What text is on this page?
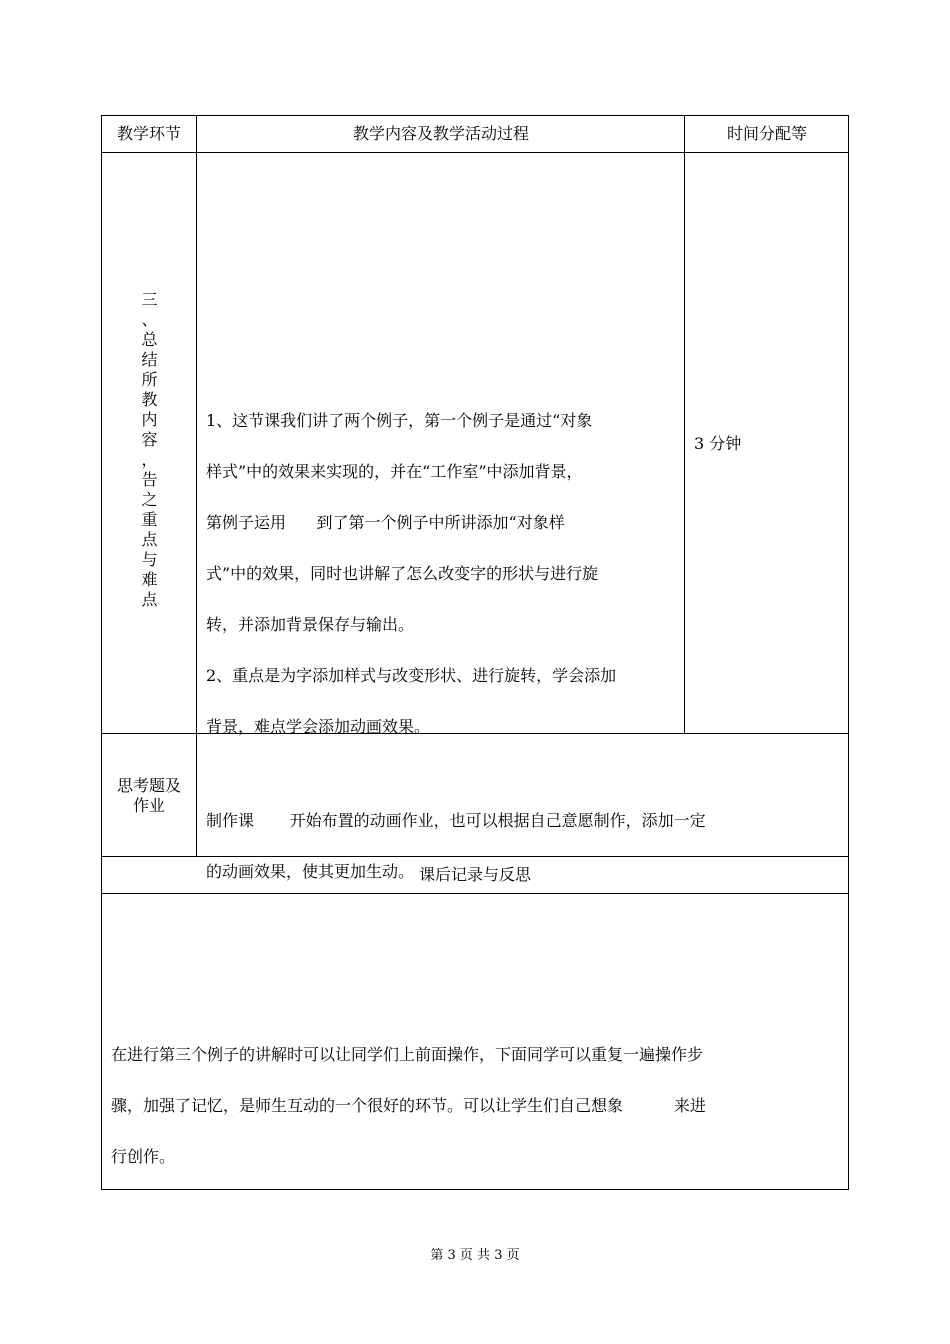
教学环节	教学内容及教学活动过程	时间分配等
三
、
总
结
所
教
内
容
，
告
之
重
点
与
难
点

1、这节课我们讲了两个例子，第一个例子是通过“对象

样式”中的效果来实现的，并在“工作室”中添加背景，

第例子运用      到了第一个例子中所讲添加“对象样

式”中的效果，同时也讲解了怎么改变字的形状与进行旋

转，并添加背景保存与输出。

2、重点是为字添加样式与改变形状、进行旋转，学会添加

背景，难点学会添加动画效果。

3 分钟
思考题及
作业

制作课       开始布置的动画作业，也可以根据自己意愿制作，添加一定

的动画效果，使其更加生动。

课后记录与反思

在进行第三个例子的讲解时可以让同学们上前面操作，下面同学可以重复一遍操作步

骤，加强了记忆，是师生互动的一个很好的环节。可以让学生们自己想象          来进

行创作。

第 3 页 共 3 页
